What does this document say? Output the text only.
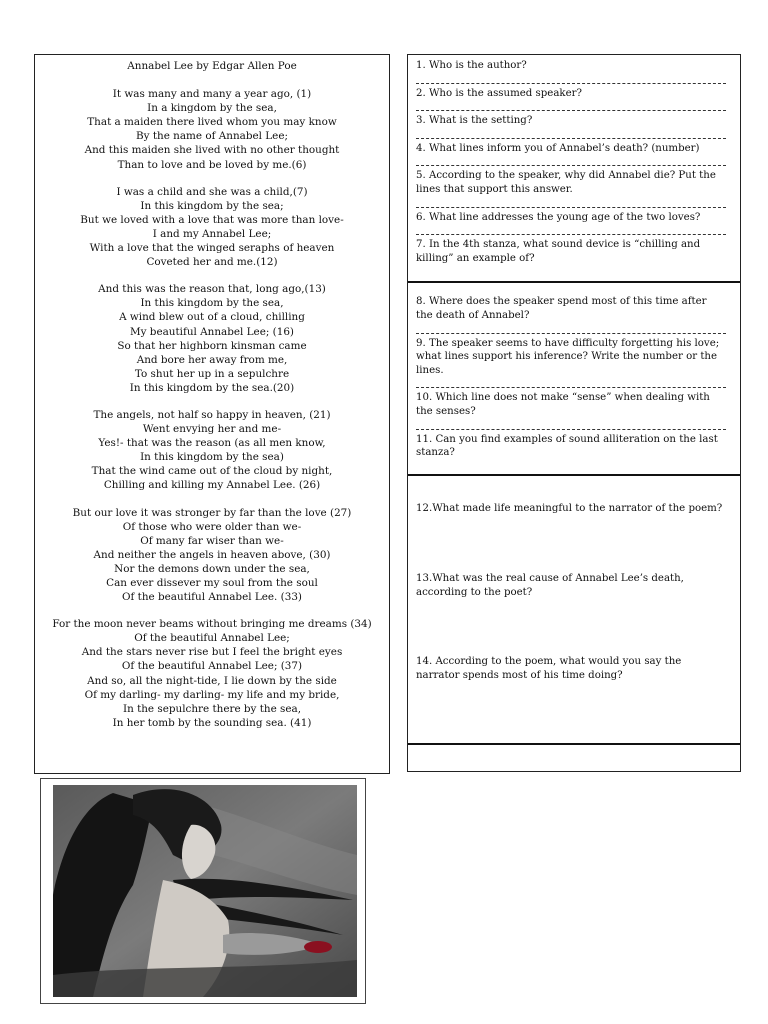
Annabel Lee by Edgar Allen Poe
It was many and many a year ago, (1)
In a kingdom by the sea,
That a maiden there lived whom you may know
By the name of Annabel Lee;
And this maiden she lived with no other thought
Than to love and be loved by me.(6)
I was a child and she was a child,(7)
In this kingdom by the sea;
But we loved with a love that was more than love-
I and my Annabel Lee;
With a love that the winged seraphs of heaven
Coveted her and me.(12)
And this was the reason that, long ago,(13)
In this kingdom by the sea,
A wind blew out of a cloud, chilling
My beautiful Annabel Lee; (16)
So that her highborn kinsman came
And bore her away from me,
To shut her up in a sepulchre
In this kingdom by the sea.(20)
The angels, not half so happy in heaven, (21)
Went envying her and me-
Yes!- that was the reason (as all men know,
In this kingdom by the sea)
That the wind came out of the cloud by night,
Chilling and killing my Annabel Lee. (26)
But our love it was stronger by far than the love (27)
Of those who were older than we-
Of many far wiser than we-
And neither the angels in heaven above, (30)
Nor the demons down under the sea,
Can ever dissever my soul from the soul
Of the beautiful Annabel Lee. (33)
For the moon never beams without bringing me dreams (34)
Of the beautiful Annabel Lee;
And the stars never rise but I feel the bright eyes
Of the beautiful Annabel Lee; (37)
And so, all the night-tide, I lie down by the side
Of my darling- my darling- my life and my bride,
In the sepulchre there by the sea,
In her tomb by the sounding sea. (41)
1. Who is the author?
2. Who is the assumed speaker?
3. What is the setting?
4. What lines inform you of Annabel’s death? (number)
5. According to the speaker, why did Annabel die? Put the
lines that support this answer.
6. What line addresses the young age of the two loves?
7. In the 4th stanza, what sound device is “chilling and
killing” an example of?
8. Where does the speaker spend most of this time after
the death of Annabel?
9. The speaker seems to have difficulty forgetting his love;
what lines support his inference? Write the number or the
lines.
10. Which line does not make “sense” when dealing with
the senses?
11. Can you find examples of sound alliteration on the last
stanza?
12.What made life meaningful to the narrator of the poem?
13.What was the real cause of Annabel Lee’s death,
according to the poet?
14. According to the poem, what would you say the
narrator spends most of his time doing?
